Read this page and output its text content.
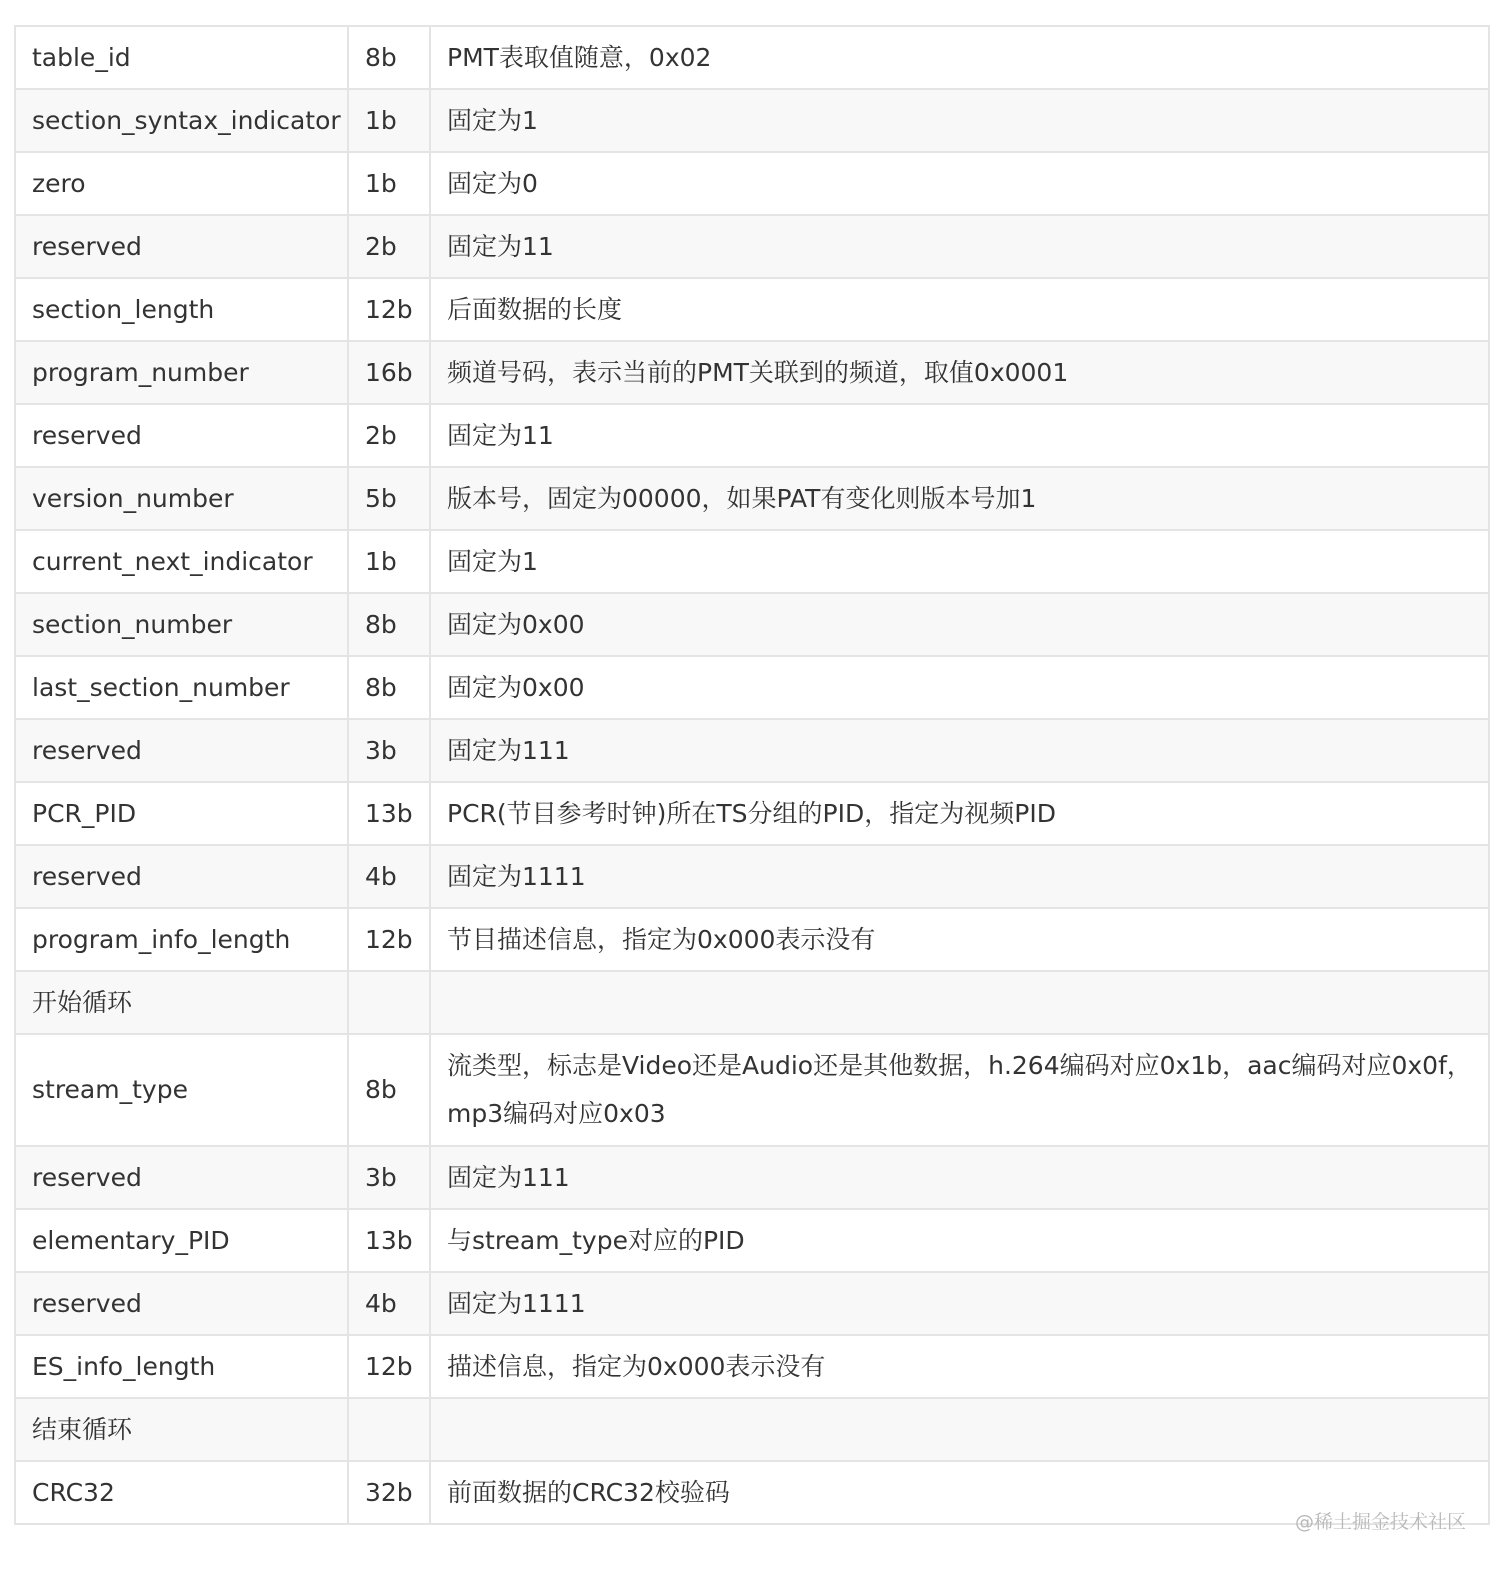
table_id	8b	PMT表取值随意，0x02
section_syntax_indicator	1b	固定为1
zero	1b	固定为0
reserved	2b	固定为11
section_length	12b	后面数据的长度
program_number	16b	频道号码，表示当前的PMT关联到的频道，取值0x0001
reserved	2b	固定为11
version_number	5b	版本号，固定为00000，如果PAT有变化则版本号加1
current_next_indicator	1b	固定为1
section_number	8b	固定为0x00
last_section_number	8b	固定为0x00
reserved	3b	固定为111
PCR_PID	13b	PCR(节目参考时钟)所在TS分组的PID，指定为视频PID
reserved	4b	固定为1111
program_info_length	12b	节目描述信息，指定为0x000表示没有
开始循环		
stream_type	8b	流类型，标志是Video还是Audio还是其他数据，h.264编码对应0x1b，aac编码对应0x0f，mp3编码对应0x03
reserved	3b	固定为111
elementary_PID	13b	与stream_type对应的PID
reserved	4b	固定为1111
ES_info_length	12b	描述信息，指定为0x000表示没有
结束循环		
CRC32	32b	前面数据的CRC32校验码
@稀土掘金技术社区
